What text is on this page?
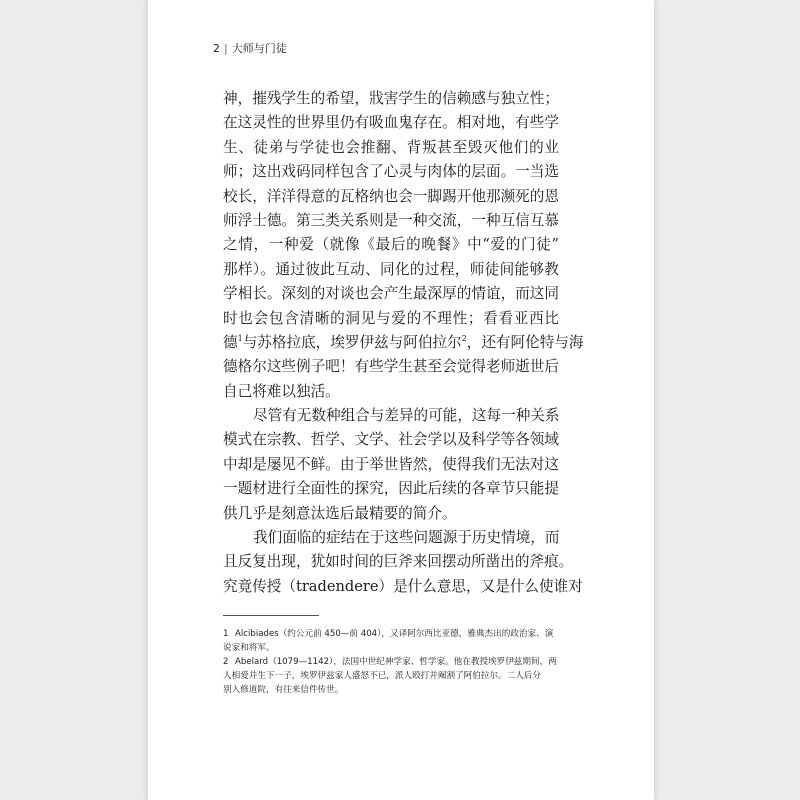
2 | 大师与门徒
神，摧残学生的希望，戕害学生的信赖感与独立性；
在这灵性的世界里仍有吸血鬼存在。相对地，有些学
生、徒弟与学徒也会推翻、背叛甚至毁灭他们的业
师；这出戏码同样包含了心灵与肉体的层面。一当选
校长，洋洋得意的瓦格纳也会一脚踢开他那濒死的恩
师浮士德。第三类关系则是一种交流，一种互信互慕
之情，一种爱（就像《最后的晚餐》中“爱的门徒”
那样）。通过彼此互动、同化的过程，师徒间能够教
学相长。深刻的对谈也会产生最深厚的情谊，而这同
时也会包含清晰的洞见与爱的不理性；看看亚西比
德$^1$与苏格拉底，埃罗伊兹与阿伯拉尔$^2$，还有阿伦特与海
德格尔这些例子吧！有些学生甚至会觉得老师逝世后
自己将难以独活。
尽管有无数种组合与差异的可能，这每一种关系
模式在宗教、哲学、文学、社会学以及科学等各领域
中却是屡见不鲜。由于举世皆然，使得我们无法对这
一题材进行全面性的探究，因此后续的各章节只能提
供几乎是刻意汰选后最精要的简介。
我们面临的症结在于这些问题源于历史情境，而
且反复出现，犹如时间的巨斧来回摆动所凿出的斧痕。
究竟传授（tradendere）是什么意思，又是什么使谁对
1 Alcibiades（约公元前 450—前 404），又译阿尔西比亚德，雅典杰出的政治家、演
说家和将军。
2 Abelard（1079—1142），法国中世纪神学家、哲学家。他在教授埃罗伊兹期间，两
人相爱并生下一子，埃罗伊兹家人盛怒不已，派人殴打并阉割了阿伯拉尔。二人后分
别入修道院，有往来信件传世。
